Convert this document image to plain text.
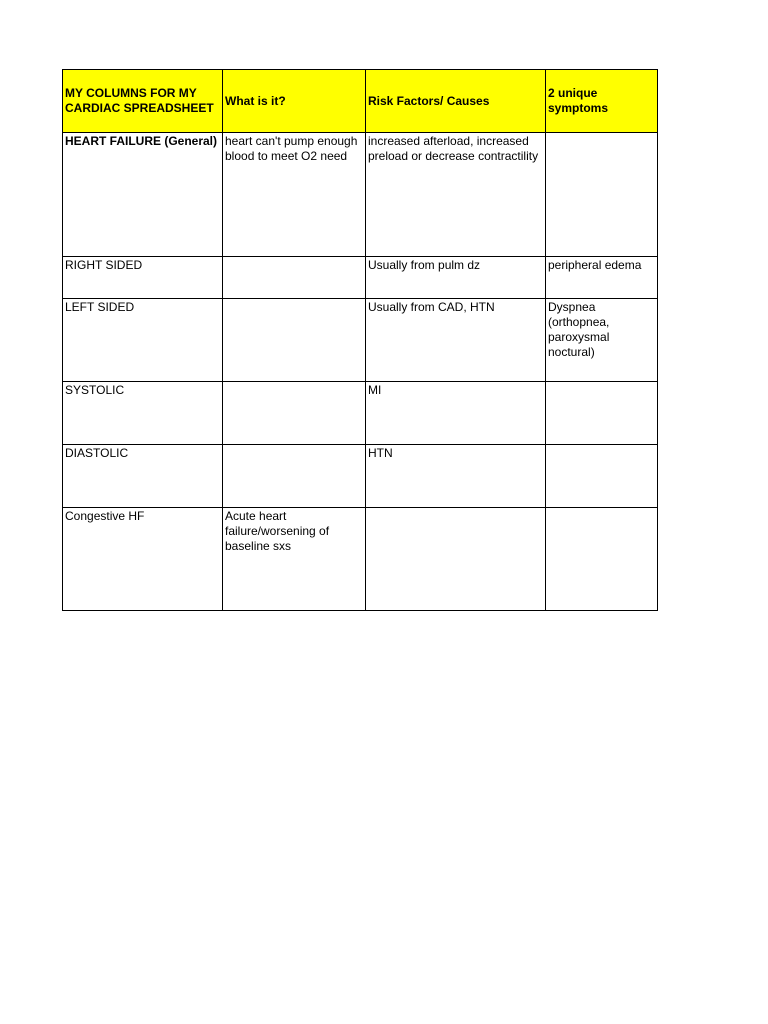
MY COLUMNS FOR MY CARDIAC SPREADSHEET	What is it?	Risk Factors/ Causes	2 unique symptoms
HEART FAILURE (General)	heart can't pump enough blood to meet O2 need	increased afterload, increased preload or decrease contractility	
RIGHT SIDED		Usually from pulm dz	peripheral edema
LEFT SIDED		Usually from CAD, HTN	Dyspnea (orthopnea, paroxysmal noctural)
SYSTOLIC		MI	
DIASTOLIC		HTN	
Congestive HF	Acute heart failure/worsening of baseline sxs		
